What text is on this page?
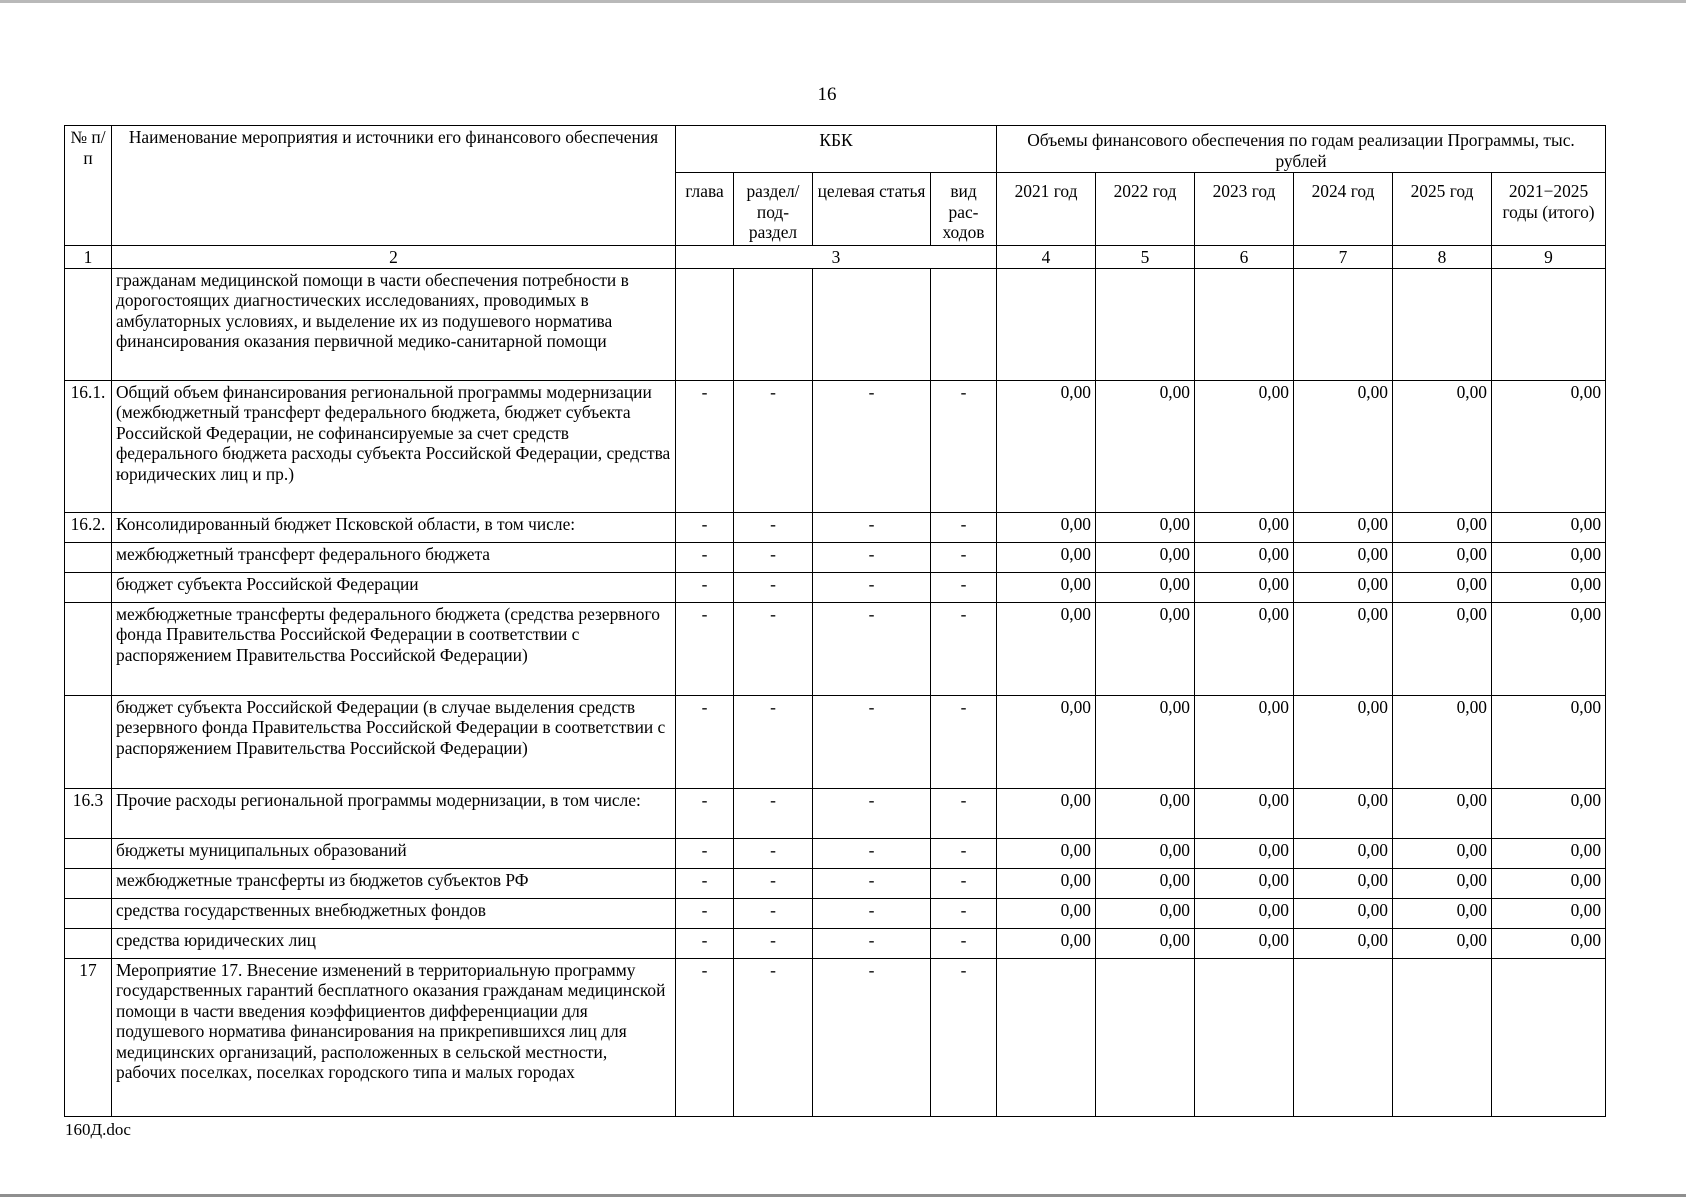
16
№ п/п	Наименование мероприятия и источники его финансового обеспечения	КБК				Объемы финансового обеспечения по годам реализации Программы, тыс. рублей					
		глава	раздел/ под-раздел	целевая статья	вид рас-ходов	2021 год	2022 год	2023 год	2024 год	2025 год	2021−2025 годы (итого)
1	2	3				4	5	6	7	8	9
	гражданам медицинской помощи в части обеспечения потребности в дорогостоящих диагностических исследованиях, проводимых в амбулаторных условиях, и выделение их из подушевого норматива финансирования оказания первичной медико-санитарной помощи										
16.1.	Общий объем финансирования региональной программы модернизации (межбюджетный трансферт федерального бюджета, бюджет субъекта Российской Федерации, не софинансируемые за счет средств федерального бюджета расходы субъекта Российской Федерации, средства юридических лиц и пр.)	-	-	-	-	0,00	0,00	0,00	0,00	0,00	0,00
16.2.	Консолидированный бюджет Псковской области, в том числе:	-	-	-	-	0,00	0,00	0,00	0,00	0,00	0,00
	межбюджетный трансферт федерального бюджета	-	-	-	-	0,00	0,00	0,00	0,00	0,00	0,00
	бюджет субъекта Российской Федерации	-	-	-	-	0,00	0,00	0,00	0,00	0,00	0,00
	межбюджетные трансферты федерального бюджета (средства резервного фонда Правительства Российской Федерации в соответствии с распоряжением Правительства Российской Федерации)	-	-	-	-	0,00	0,00	0,00	0,00	0,00	0,00
	бюджет субъекта Российской Федерации (в случае выделения средств резервного фонда Правительства Российской Федерации в соответствии с распоряжением Правительства Российской Федерации)	-	-	-	-	0,00	0,00	0,00	0,00	0,00	0,00
16.3	Прочие расходы региональной программы модернизации, в том числе:	-	-	-	-	0,00	0,00	0,00	0,00	0,00	0,00
	бюджеты муниципальных образований	-	-	-	-	0,00	0,00	0,00	0,00	0,00	0,00
	межбюджетные трансферты из бюджетов субъектов РФ	-	-	-	-	0,00	0,00	0,00	0,00	0,00	0,00
	средства государственных внебюджетных фондов	-	-	-	-	0,00	0,00	0,00	0,00	0,00	0,00
	средства юридических лиц	-	-	-	-	0,00	0,00	0,00	0,00	0,00	0,00
17	Мероприятие 17. Внесение изменений в территориальную программу государственных гарантий бесплатного оказания гражданам медицинской помощи в части введения коэффициентов дифференциации для подушевого норматива финансирования на прикрепившихся лиц для медицинских организаций, расположенных в сельской местности, рабочих поселках, поселках городского типа и малых городах	-	-	-	-						
160Д.doc
